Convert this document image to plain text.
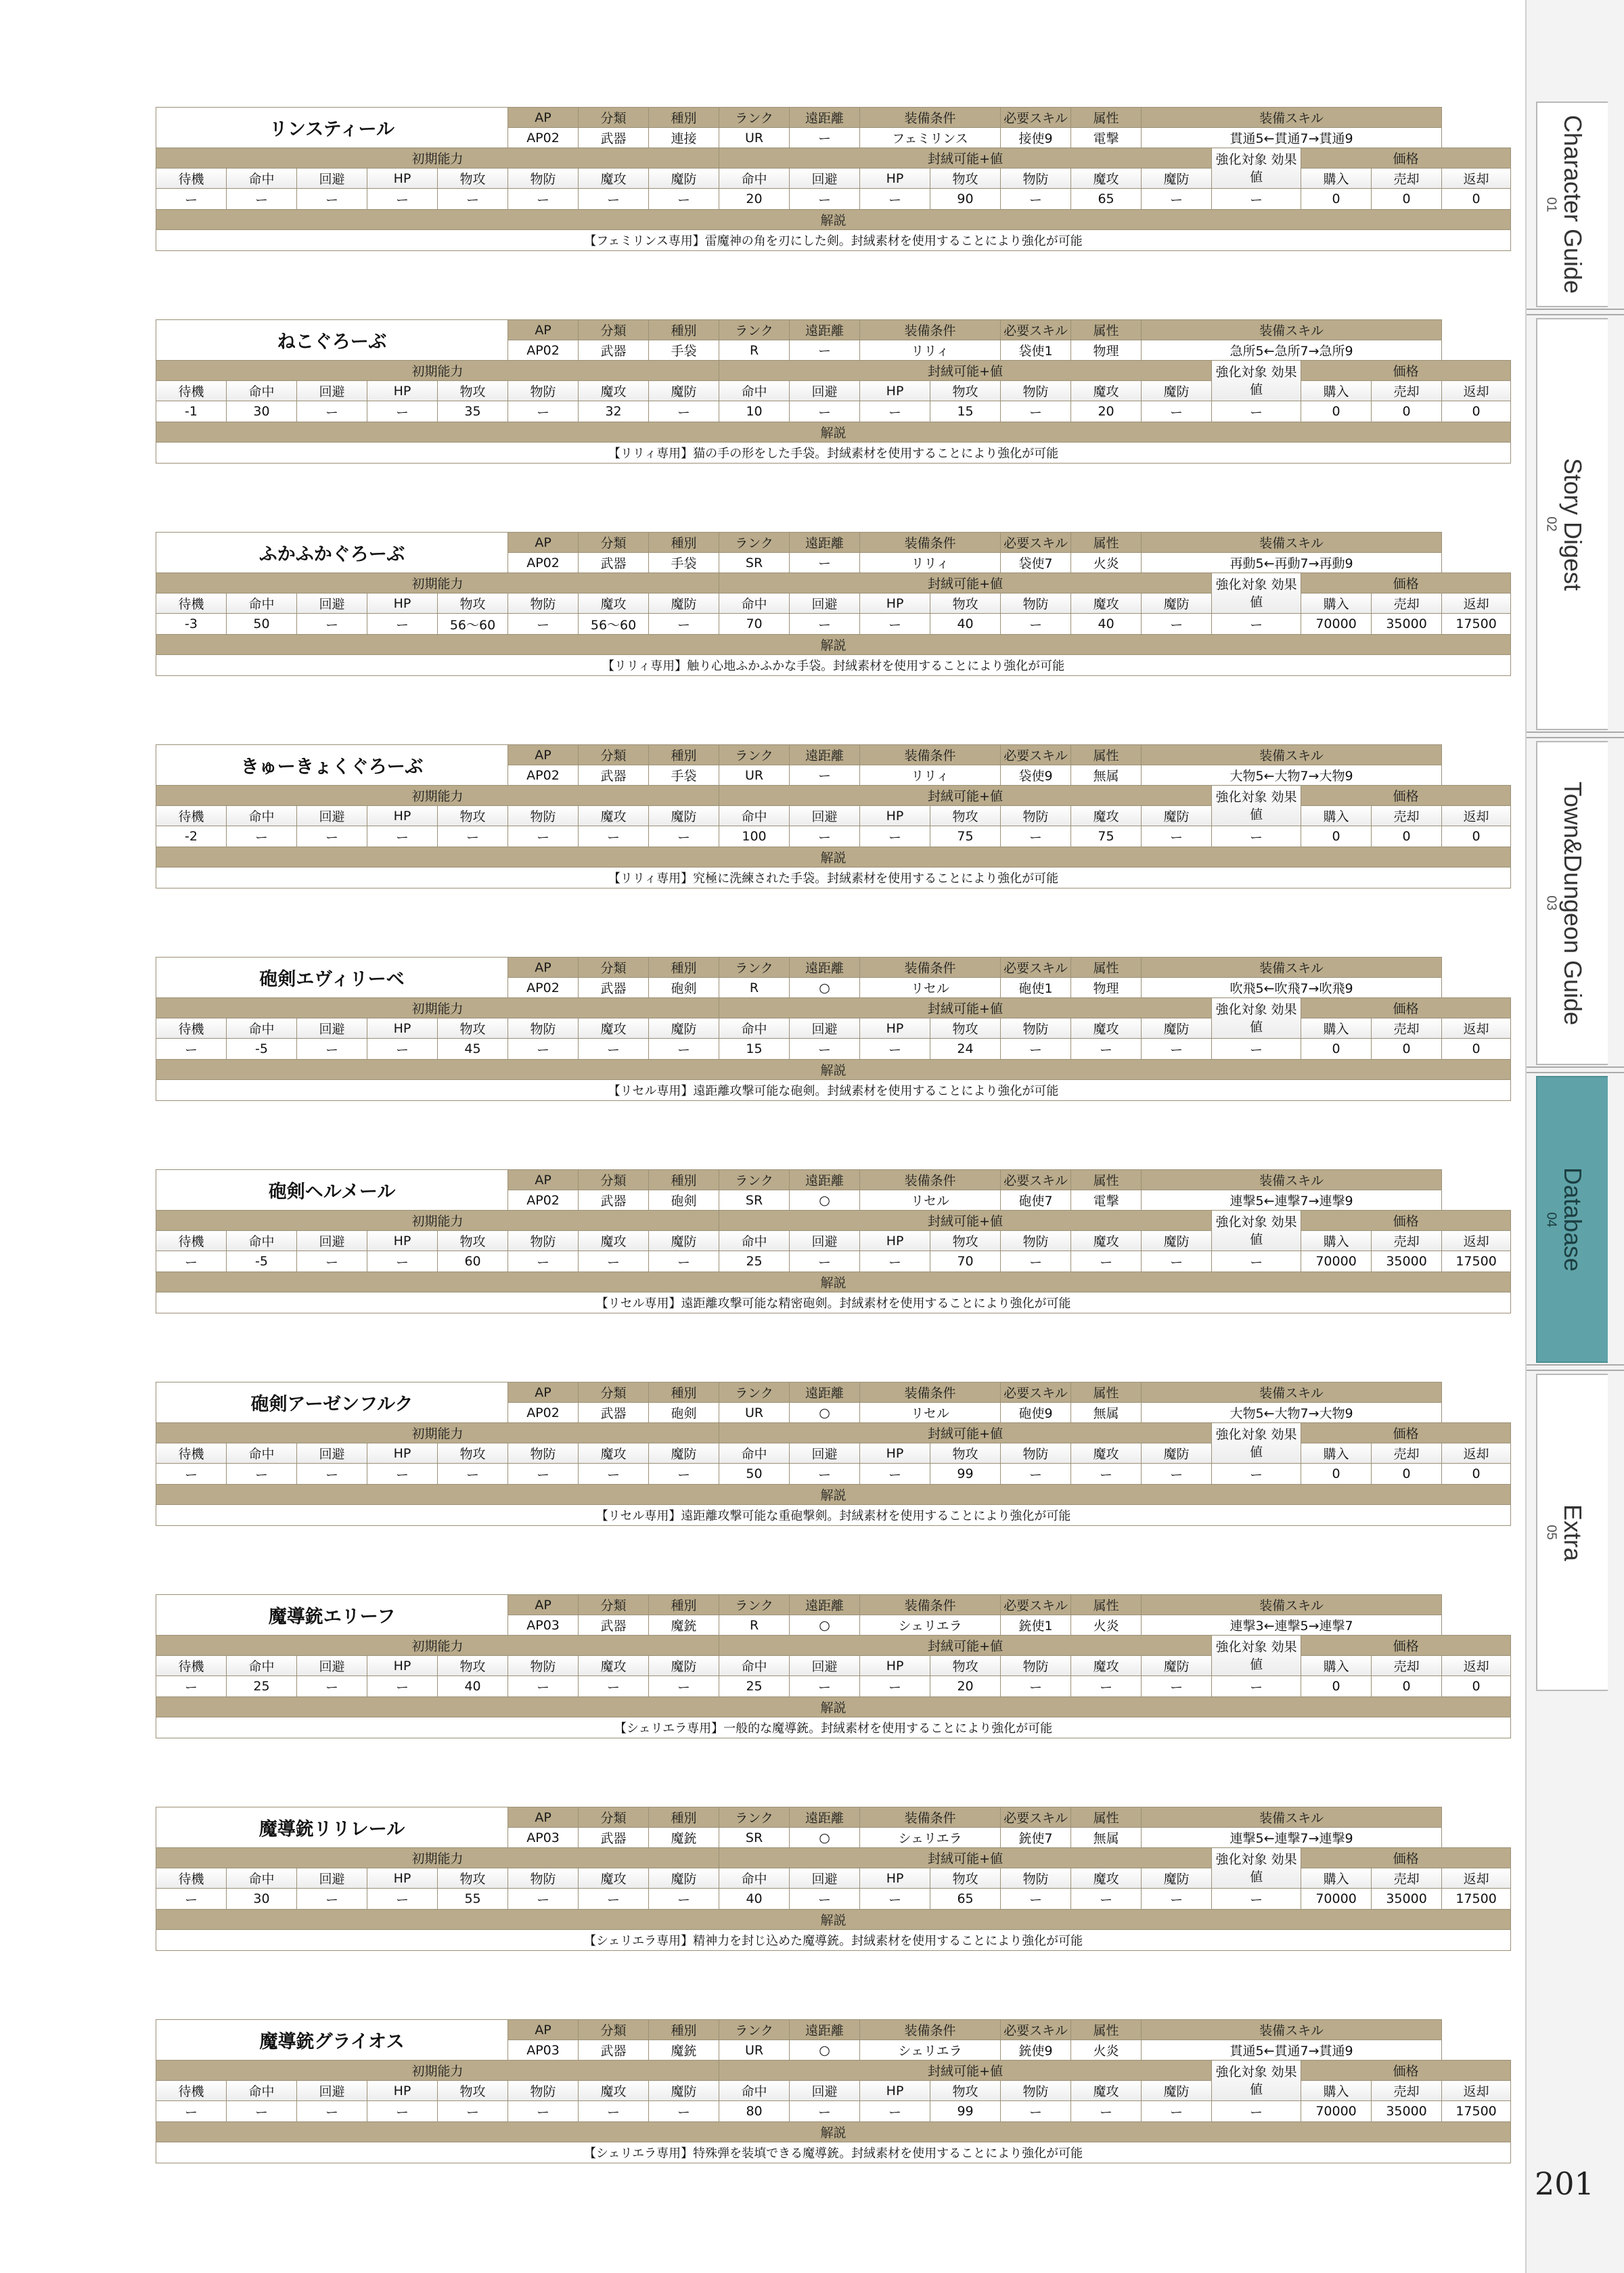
リンスティール					AP	分類	種別	ランク	遠距離	装備条件		必要スキル	属性	装備スキル				
					AP02	武器	連接	UR	ー	フェミリンス		接使9	電撃	貫通5←貫通7→貫通9				
初期能力								封絨可能+値							強化対象 効果値	価格		
待機	命中	回避	HP	物攻	物防	魔攻	魔防	命中	回避	HP	物攻	物防	魔攻	魔防		購入	売却	返却
ー	ー	ー	ー	ー	ー	ー	ー	20	ー	ー	90	ー	65	ー	ー	0	0	0
解説																		
【フェミリンス専用】雷魔神の角を刃にした剣。封絨素材を使用することにより強化が可能																		
ねこぐろーぶ					AP	分類	種別	ランク	遠距離	装備条件		必要スキル	属性	装備スキル				
					AP02	武器	手袋	R	ー	リリィ		袋使1	物理	急所5←急所7→急所9				
初期能力								封絨可能+値							強化対象 効果値	価格		
待機	命中	回避	HP	物攻	物防	魔攻	魔防	命中	回避	HP	物攻	物防	魔攻	魔防		購入	売却	返却
-1	30	ー	ー	35	ー	32	ー	10	ー	ー	15	ー	20	ー	ー	0	0	0
解説																		
【リリィ専用】猫の手の形をした手袋。封絨素材を使用することにより強化が可能																		
ふかふかぐろーぶ					AP	分類	種別	ランク	遠距離	装備条件		必要スキル	属性	装備スキル				
					AP02	武器	手袋	SR	ー	リリィ		袋使7	火炎	再動5←再動7→再動9				
初期能力								封絨可能+値							強化対象 効果値	価格		
待機	命中	回避	HP	物攻	物防	魔攻	魔防	命中	回避	HP	物攻	物防	魔攻	魔防		購入	売却	返却
-3	50	ー	ー	56～60	ー	56～60	ー	70	ー	ー	40	ー	40	ー	ー	70000	35000	17500
解説																		
【リリィ専用】触り心地ふかふかな手袋。封絨素材を使用することにより強化が可能																		
きゅーきょくぐろーぶ					AP	分類	種別	ランク	遠距離	装備条件		必要スキル	属性	装備スキル				
					AP02	武器	手袋	UR	ー	リリィ		袋使9	無属	大物5←大物7→大物9				
初期能力								封絨可能+値							強化対象 効果値	価格		
待機	命中	回避	HP	物攻	物防	魔攻	魔防	命中	回避	HP	物攻	物防	魔攻	魔防		購入	売却	返却
-2	ー	ー	ー	ー	ー	ー	ー	100	ー	ー	75	ー	75	ー	ー	0	0	0
解説																		
【リリィ専用】究極に洗練された手袋。封絨素材を使用することにより強化が可能																		
砲剣エヴィリーベ					AP	分類	種別	ランク	遠距離	装備条件		必要スキル	属性	装備スキル				
					AP02	武器	砲剣	R	○	リセル		砲使1	物理	吹飛5←吹飛7→吹飛9				
初期能力								封絨可能+値							強化対象 効果値	価格		
待機	命中	回避	HP	物攻	物防	魔攻	魔防	命中	回避	HP	物攻	物防	魔攻	魔防		購入	売却	返却
ー	-5	ー	ー	45	ー	ー	ー	15	ー	ー	24	ー	ー	ー	ー	0	0	0
解説																		
【リセル専用】遠距離攻撃可能な砲剣。封絨素材を使用することにより強化が可能																		
砲剣ヘルメール					AP	分類	種別	ランク	遠距離	装備条件		必要スキル	属性	装備スキル				
					AP02	武器	砲剣	SR	○	リセル		砲使7	電撃	連撃5←連撃7→連撃9				
初期能力								封絨可能+値							強化対象 効果値	価格		
待機	命中	回避	HP	物攻	物防	魔攻	魔防	命中	回避	HP	物攻	物防	魔攻	魔防		購入	売却	返却
ー	-5	ー	ー	60	ー	ー	ー	25	ー	ー	70	ー	ー	ー	ー	70000	35000	17500
解説																		
【リセル専用】遠距離攻撃可能な精密砲剣。封絨素材を使用することにより強化が可能																		
砲剣アーゼンフルク					AP	分類	種別	ランク	遠距離	装備条件		必要スキル	属性	装備スキル				
					AP02	武器	砲剣	UR	○	リセル		砲使9	無属	大物5←大物7→大物9				
初期能力								封絨可能+値							強化対象 効果値	価格		
待機	命中	回避	HP	物攻	物防	魔攻	魔防	命中	回避	HP	物攻	物防	魔攻	魔防		購入	売却	返却
ー	ー	ー	ー	ー	ー	ー	ー	50	ー	ー	99	ー	ー	ー	ー	0	0	0
解説																		
【リセル専用】遠距離攻撃可能な重砲撃剣。封絨素材を使用することにより強化が可能																		
魔導銃エリーフ					AP	分類	種別	ランク	遠距離	装備条件		必要スキル	属性	装備スキル				
					AP03	武器	魔銃	R	○	シェリエラ		銃使1	火炎	連撃3←連撃5→連撃7				
初期能力								封絨可能+値							強化対象 効果値	価格		
待機	命中	回避	HP	物攻	物防	魔攻	魔防	命中	回避	HP	物攻	物防	魔攻	魔防		購入	売却	返却
ー	25	ー	ー	40	ー	ー	ー	25	ー	ー	20	ー	ー	ー	ー	0	0	0
解説																		
【シェリエラ専用】一般的な魔導銃。封絨素材を使用することにより強化が可能																		
魔導銃リリレール					AP	分類	種別	ランク	遠距離	装備条件		必要スキル	属性	装備スキル				
					AP03	武器	魔銃	SR	○	シェリエラ		銃使7	無属	連撃5←連撃7→連撃9				
初期能力								封絨可能+値							強化対象 効果値	価格		
待機	命中	回避	HP	物攻	物防	魔攻	魔防	命中	回避	HP	物攻	物防	魔攻	魔防		購入	売却	返却
ー	30	ー	ー	55	ー	ー	ー	40	ー	ー	65	ー	ー	ー	ー	70000	35000	17500
解説																		
【シェリエラ専用】精神力を封じ込めた魔導銃。封絨素材を使用することにより強化が可能																		
魔導銃グライオス					AP	分類	種別	ランク	遠距離	装備条件		必要スキル	属性	装備スキル				
					AP03	武器	魔銃	UR	○	シェリエラ		銃使9	火炎	貫通5←貫通7→貫通9				
初期能力								封絨可能+値							強化対象 効果値	価格		
待機	命中	回避	HP	物攻	物防	魔攻	魔防	命中	回避	HP	物攻	物防	魔攻	魔防		購入	売却	返却
ー	ー	ー	ー	ー	ー	ー	ー	80	ー	ー	99	ー	ー	ー	ー	70000	35000	17500
解説																		
【シェリエラ専用】特殊弾を装填できる魔導銃。封絨素材を使用することにより強化が可能																		
Character Guide
01
Story Digest
02
Town&Dungeon Guide
03
Database
04
Extra
05
201
